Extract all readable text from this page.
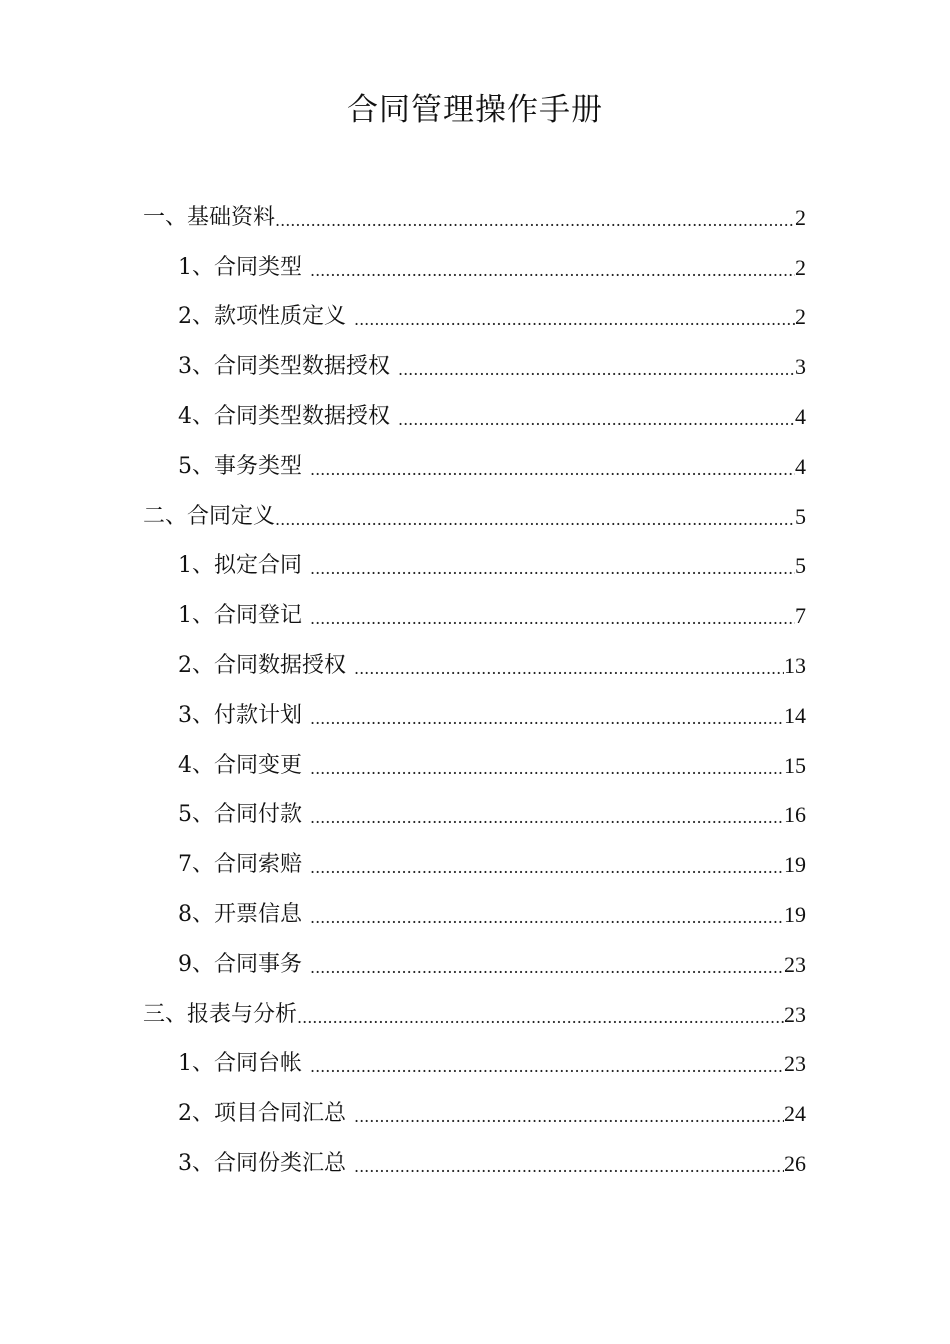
合同管理操作手册
一、基础资料 .....	2
1、合同类型 .....	2
2、款项性质定义 .....	2
3、合同类型数据授权 .....	3
4、合同类型数据授权 .....	4
5、事务类型 .....	4
二、合同定义 .....	5
1、拟定合同 .....	5
1、合同登记 .....	7
2、合同数据授权 .....	13
3、付款计划 .....	14
4、合同变更 .....	15
5、合同付款 .....	16
7、合同索赔 .....	19
8、开票信息 .....	19
9、合同事务 .....	23
三、报表与分析 .....	23
1、合同台帐 .....	23
2、项目合同汇总 .....	24
3、合同份类汇总 .....	26
